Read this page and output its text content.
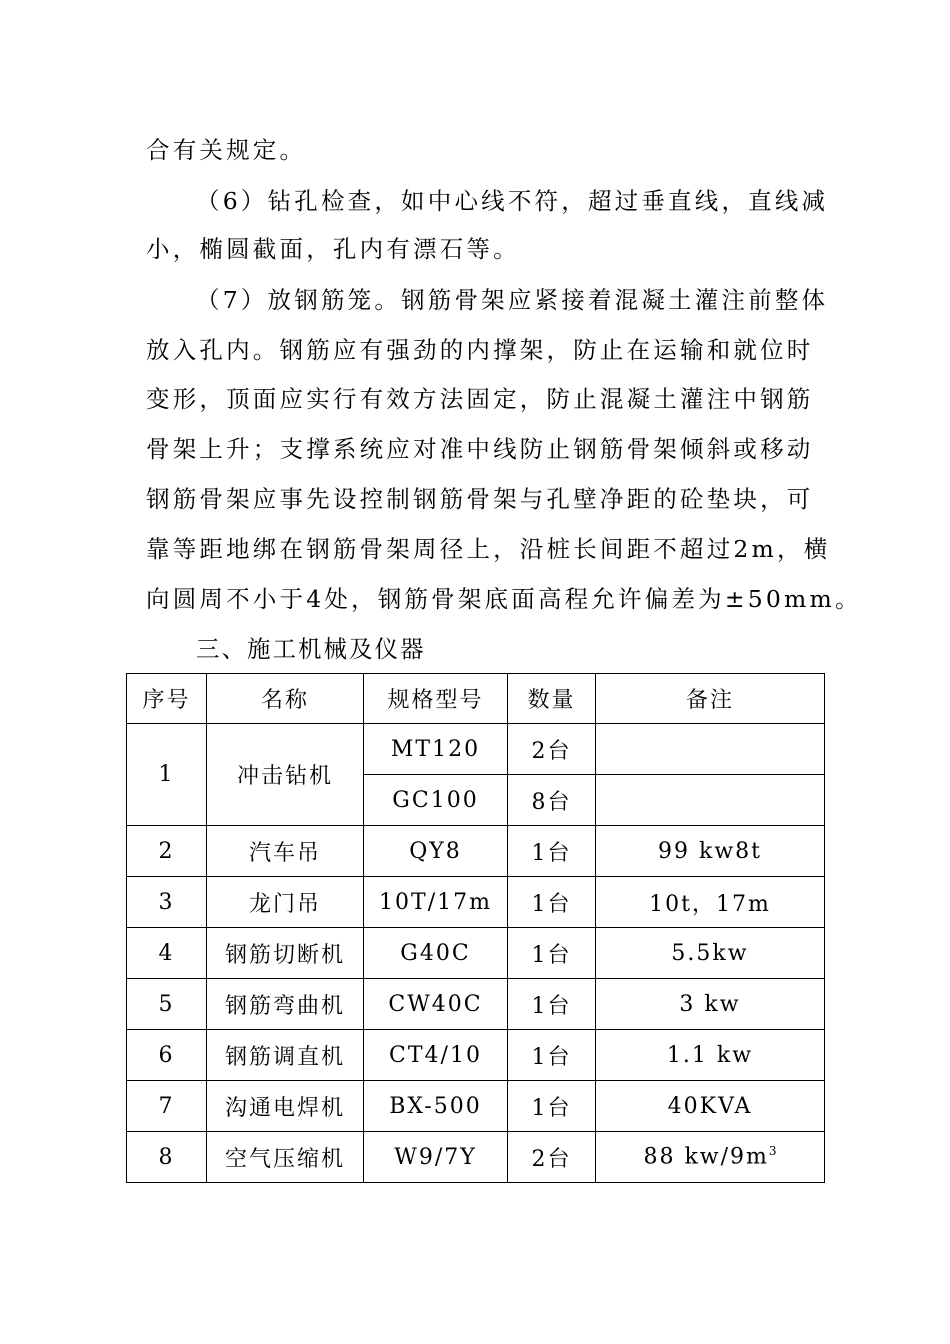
合有关规定。
（6）钻孔检查，如中心线不符，超过垂直线，直线减
小，椭圆截面，孔内有漂石等。
（7）放钢筋笼。钢筋骨架应紧接着混凝土灌注前整体
放入孔内。钢筋应有强劲的内撑架，防止在运输和就位时
变形，顶面应实行有效方法固定，防止混凝土灌注中钢筋
骨架上升；支撑系统应对准中线防止钢筋骨架倾斜或移动
钢筋骨架应事先设控制钢筋骨架与孔壁净距的砼垫块，可
靠等距地绑在钢筋骨架周径上，沿桩长间距不超过2m，横
向圆周不小于4处，钢筋骨架底面高程允许偏差为±50mm。
三、施工机械及仪器
序号	名称	规格型号	数量	备注
1	冲击钻机	MT120	2台	
		GC100	8台	
2	汽车吊	QY8	1台	99 kw8t
3	龙门吊	10T/17m	1台	10t，17m
4	钢筋切断机	G40C	1台	5.5kw
5	钢筋弯曲机	CW40C	1台	3 kw
6	钢筋调直机	CT4/10	1台	1.1 kw
7	沟通电焊机	BX-500	1台	40KVA
8	空气压缩机	W9/7Y	2台	88 $kw/9m^3$
